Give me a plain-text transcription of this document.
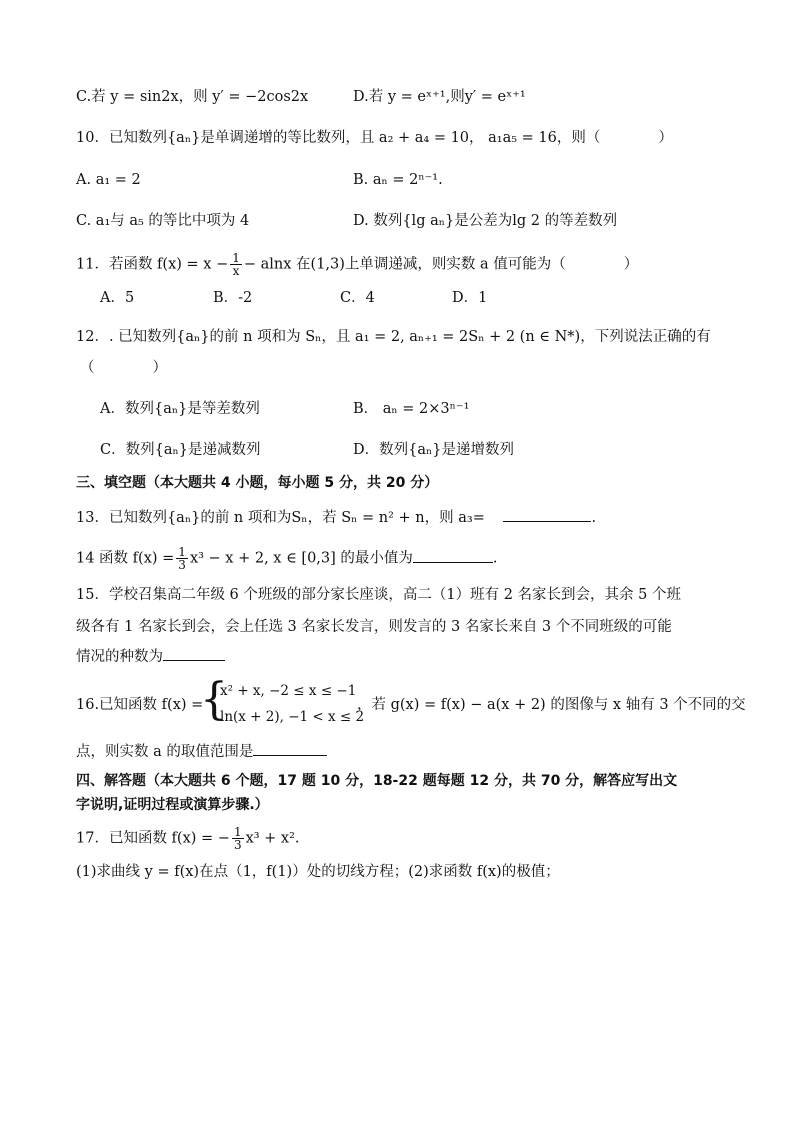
C.若 y = sin2x，则 y′ = −2cos2x	D.若 y = eˣ⁺¹,则y′ = eˣ⁺¹
10．已知数列{aₙ}是单调递增的等比数列，且 a₂ + a₄ = 10， a₁a₅ = 16，则（　　　　）
A. a₁ = 2	B. aₙ = 2ⁿ⁻¹.
C. a₁与 a₅ 的等比中项为 4	D. 数列{lg aₙ}是公差为lg 2 的等差数列
11．若函数 $f(x) = x - \frac{1}{x} - alnx$ 在(1,3)上单调递减，则实数 a 值可能为（　　　　）
A．5	B．-2	C．4	D．1
12．. 已知数列{aₙ}的前 n 项和为 Sₙ，且 a₁ = 2, aₙ₊₁ = 2Sₙ + 2 (n ∈ N*)，下列说法正确的有
（　　　　）
A．数列{aₙ}是等差数列	B． aₙ = 2×3ⁿ⁻¹
C．数列{aₙ}是递减数列	D．数列{aₙ}是递增数列
三、填空题（本大题共 4 小题，每小题 5 分，共 20 分）
13．已知数列{aₙ}的前 n 项和为Sₙ，若 Sₙ = n² + n，则 a₃=	.
14 函数 $f(x) = \frac{1}{3} x^3 - x + 2$, x ∈ [0,3] 的最小值为	.
15．学校召集高二年级 6 个班级的部分家长座谈，高二（1）班有 2 名家长到会，其余 5 个班
级各有 1 名家长到会，会上任选 3 名家长发言，则发言的 3 名家长来自 3 个不同班级的可能
情况的种数为
16.已知函数 f(x) =
{
x² + x, −2 ≤ x ≤ −1
ln(x + 2), −1 < x ≤ 2
，若 g(x) = f(x) − a(x + 2) 的图像与 x 轴有 3 个不同的交
点，则实数 a 的取值范围是
四、解答题（本大题共 6 个题，17 题 10 分，18-22 题每题 12 分，共 70 分，解答应写出文
字说明,证明过程或演算步骤.）
17．已知函数 f(x) = − $\frac{1}{3} x^3 + x^2$.
(1)求曲线 y = f(x)在点（1，f(1)）处的切线方程；(2)求函数 f(x)的极值；
